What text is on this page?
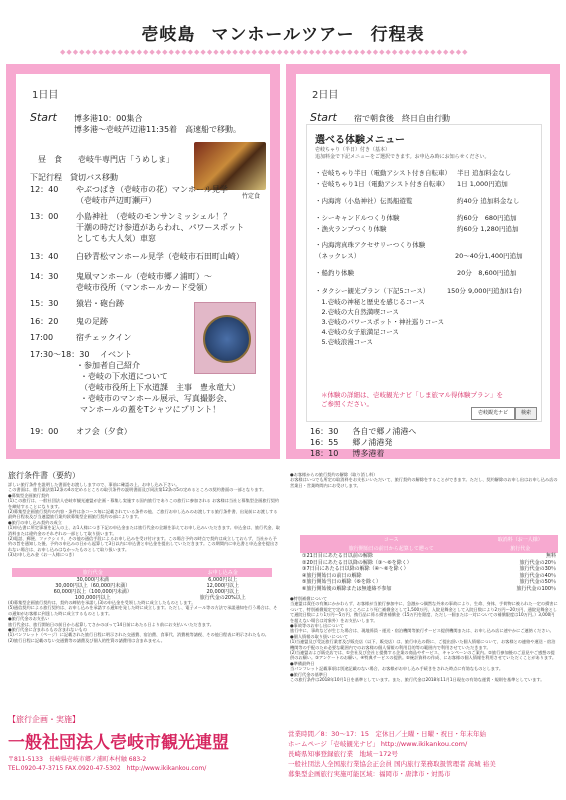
壱岐島 マンホールツアー 行程表
◆◆◆◆◆◆◆◆◆◆◆◆◆◆◆◆◆◆◆◆◆◆◆◆◆◆◆◆◆◆◆◆◆◆◆◆◆◆◆◆◆◆◆◆◆◆◆◆◆◆◆◆◆◆◆◆◆◆◆◆◆◆◆◆
1日目
Start 博多港10：00集合
博多港～壱岐芦辺港11:35着　高速船で移動。
昼　食 壱岐牛専門店「うめしま」
竹定食
下記行程　貸切バス移動
12：40 やぶつばき（壱岐市の花）マンホール見学
（壱岐市芦辺町瀬戸）
13：00 小島神社　（壱岐のモンサンミッシェル！？
干潮の時だけ参道があらわれ、パワースポット
としても大人気）車窓
13：40 白砂青松マンホール見学（壱岐市石田町山崎）
14：30 鬼凧マンホール（壱岐市郷ノ浦町）～
壱岐市役所（マンホールカード受領）
15：30 猿岩・砲台跡
16：20 鬼の足跡
17:00	宿チェックイン
17:30～18：30 イベント
・参加者自己紹介
・壱岐の下水道について
（壱岐市役所上下水道課　主事　豊永竜大）
・壱岐市のマンホール展示、写真撮影会、
マンホールの蓋をTシャツにプリント！
19：00 オフ会（夕食）
2日目
Start 宿で朝食後　終日自由行動
選べる体験メニュー
壱岐ちゃり（半日）付き（基本）
追加料金で下記メニューをご選択できます。お申込み時にお知らせください。
・壱岐ちゃり半日（電動アシスト付き自転車） 半日 追加料金なし
・壱岐ちゃり1日（電動アシスト付き自転車） 1日 1,000円追加
・内海湾（小島神社）伝馬船遊覧	約40分 追加料金なし
・シーキャンドルつくり体験	約60分　680円追加
・漁火ランプつくり体験	約60分 1,280円追加
・内海湾真珠アクセサリーつくり体験
（ネックレス）	20～40分1,400円追加
・船釣り体験	20分　8,600円追加
・タクシー観光プラン（下記5コース）	150分 9,000円追加(1台)
　1.壱岐の神秘と歴史を感じるコース
　2.壱岐の大自然満喫コース
　3.壱岐のパワースポット・神社巡りコース
　4.壱岐の女子旅満足コース
　5.壱岐浪漫コース
＊体験の詳細は、壱岐観光ナビ「しま旅マル得体験プラン」を
ご参照ください。
壱岐観光ナビ	検索
16：30 各自で郷ノ浦港へ
16：55 郷ノ浦港発
18：10 博多港着
旅行条件書（要約）
詳しい旅行条件を説明した書面をお渡ししますので、事前に確認の上、お申し込み下さい。
この書面は、旅行業法第12条の4の定めるところの取引条件の説明書面及び同法第12条の5の定めるところの契約書面の一部となります。
●募集型企画旅行契約
(1)この旅行は、一般社団法人壱岐市観光連盟が企画・募集し実施する国内旅行でありこの旅行に参加される お客様は当社と募集型企画旅行契約を締結することになります。
(2)募集型企画旅行契約の内容・条件は各コース毎に記載されている条件の他、ご旅行お申し込みのお渡しする旅行条件書、出発前にお渡しする最終日程表及び当連盟旅行業約款募集型企画旅行契約の部によります。
●旅行の申し込み契約の成立
(1)申込書に所定事項を記入の上、お1人様につき下記の申込金または旅行代金の全額を添えてお申し込みいただきます。申込金は、旅行代金、取消料または違約金のそれぞれの一部として取り扱います。
(2)電話、郵便、ファクシミリ、その他の通信手段によるお申し込みを受け付けます。この場合予約の時点で契約は成立しておらず、当社から予約の旨を通知した後、予約の申込みの日から起算して3日以内に申込書と申込金を提出していただきます。この期間内に申込書と申込金を提出されない場合は、お申し込みはなかったものとして取り扱います。
(3)お申し込み金（お一人様につき）
旅行代金	お申し込み金
30,000円未満	6,000円以上
30,000円以上（60,000円未満）	12,000円以上
60,000円以上（100,000円未満）	20,000円以上
100,000円以上	旅行代金の20%以上
(4)募集型企画旅行契約は、契約の締結を承諾し(3)の申込金を受領した時に成立したものとします。
(5)通信契約による旅行契約は、お申し込みを承諾する通知を発した時に成立します。ただし、電子メール等の方法で承諾通知を行う場合は、その通知がお客様に到達した時に成立するものとします。
●旅行代金のお支払い
旅行代金は、旅行開始日の前日から起算してさかのぼって14日前にあたる日より前にお支払いいただきます。
●旅行代金に含まれるもの含まれないもの
(1)パンフレット（ページ）に記載された旅行日程に明示された交通費、宿泊費、食事代、消費税等諸税、その他日程表に明示されたもの。
(2)旅行日程に記載のない交通費等の諸費及び個人的性質の諸費用は含まれません。
●お客様からの旅行契約の解除（取り消し料）
お客様はいつでも所定の取消料をお支払いいただいて、旅行契約の解除をすることができます。ただし、契約解除のお申し出はお申し込み店の営業日・営業時間内にお受けします。
コース	取消料（お一人様）
旅行開始日の前日から起算して遡って	旅行代金
①21日目にあたる日以前の解除	無料
②20日目にあたる日以降の解除（③～⑥を除く）	旅行代金の20％
③7日目にあたる日以降の解除（④～⑥を除く）	旅行代金の30％
④旅行開始日の前日の解除	旅行代金の40％
⑤旅行開始当日の解除（⑥を除く）	旅行代金の50％
⑥旅行開始後の解除または無連絡不参加	旅行代金の100％
●特別補償について
当連盟は責任の有無にかかわらず、お客様が当旅行参加中に、急激かつ偶然な外来の事故により、生命、身体、手荷物に被られた一定の損害について、特別補償規定で定めるところにより死亡補償金として1,500万円、入院見舞金として入院日数により2万円～20万円、通院見舞金として通院日数により1万円～5万円、携行品に係る損害補償金（15万円を限度、ただし一個または一対についての補償限度は10万円。）3,000円を超えない場合は対象外）をお支払いします。
●事故等のお申し出について
旅行中に、事故などが生じた場合は、現地係員・運送・宿泊機関等旅行サービス提供機関または、お申し込み店に速やかにご連絡ください。
●個人情報の取り扱いについて
(1)当連盟及び受託旅行業者及び販売店（以下、販売店）は、旅行申込の際に、ご提出頂いた個人情報について、お客様との連絡や運送・宿泊機関等の手配のため必要な範囲内でのお客様の個人情報の利用目的等の範囲内で利用させていただきます。
(2)当連盟および販売店では、①会社及び会社と提携する企業の商品やサービス、キャンペーンのご案内。②旅行参加後のご意見やご感想の提供のお願い。③アンケートのお願い。④特典サービスの提供。⑤統計資料の作成、にお客様の個人情報を利用させていただくことがあります。
●準備最終日
当パンフレット記載事項は別途記載のない場合、お客様がお申し込み手続きをされた時点に有効なものとします。
●旅行代金の基準日
この旅行条件は2018年10月1日を基準としています。また、旅行代金は2018年11月1日現在の有効な運賃・規則を基準としています。
【旅行企画・実施】
一般社団法人壱岐市観光連盟
〒811-5133　長崎県壱岐市郷ノ浦町本村触 683-2
TEL.0920-47-3715 FAX.0920-47-5302　http://www.ikikankou.com/
営業時間／8：30～17：15　定休日／土曜・日曜・祝日・年末年始
ホームページ「壱岐観光ナビ」 http://www.ikikankou.com/
長崎県知事登録旅行業　地域－172号
一般社団法人全国旅行業協会正会員 国内旅行業務取扱管理者 髙城 裕美
募集型企画旅行実施可能区域：福岡市・唐津市・対馬市
